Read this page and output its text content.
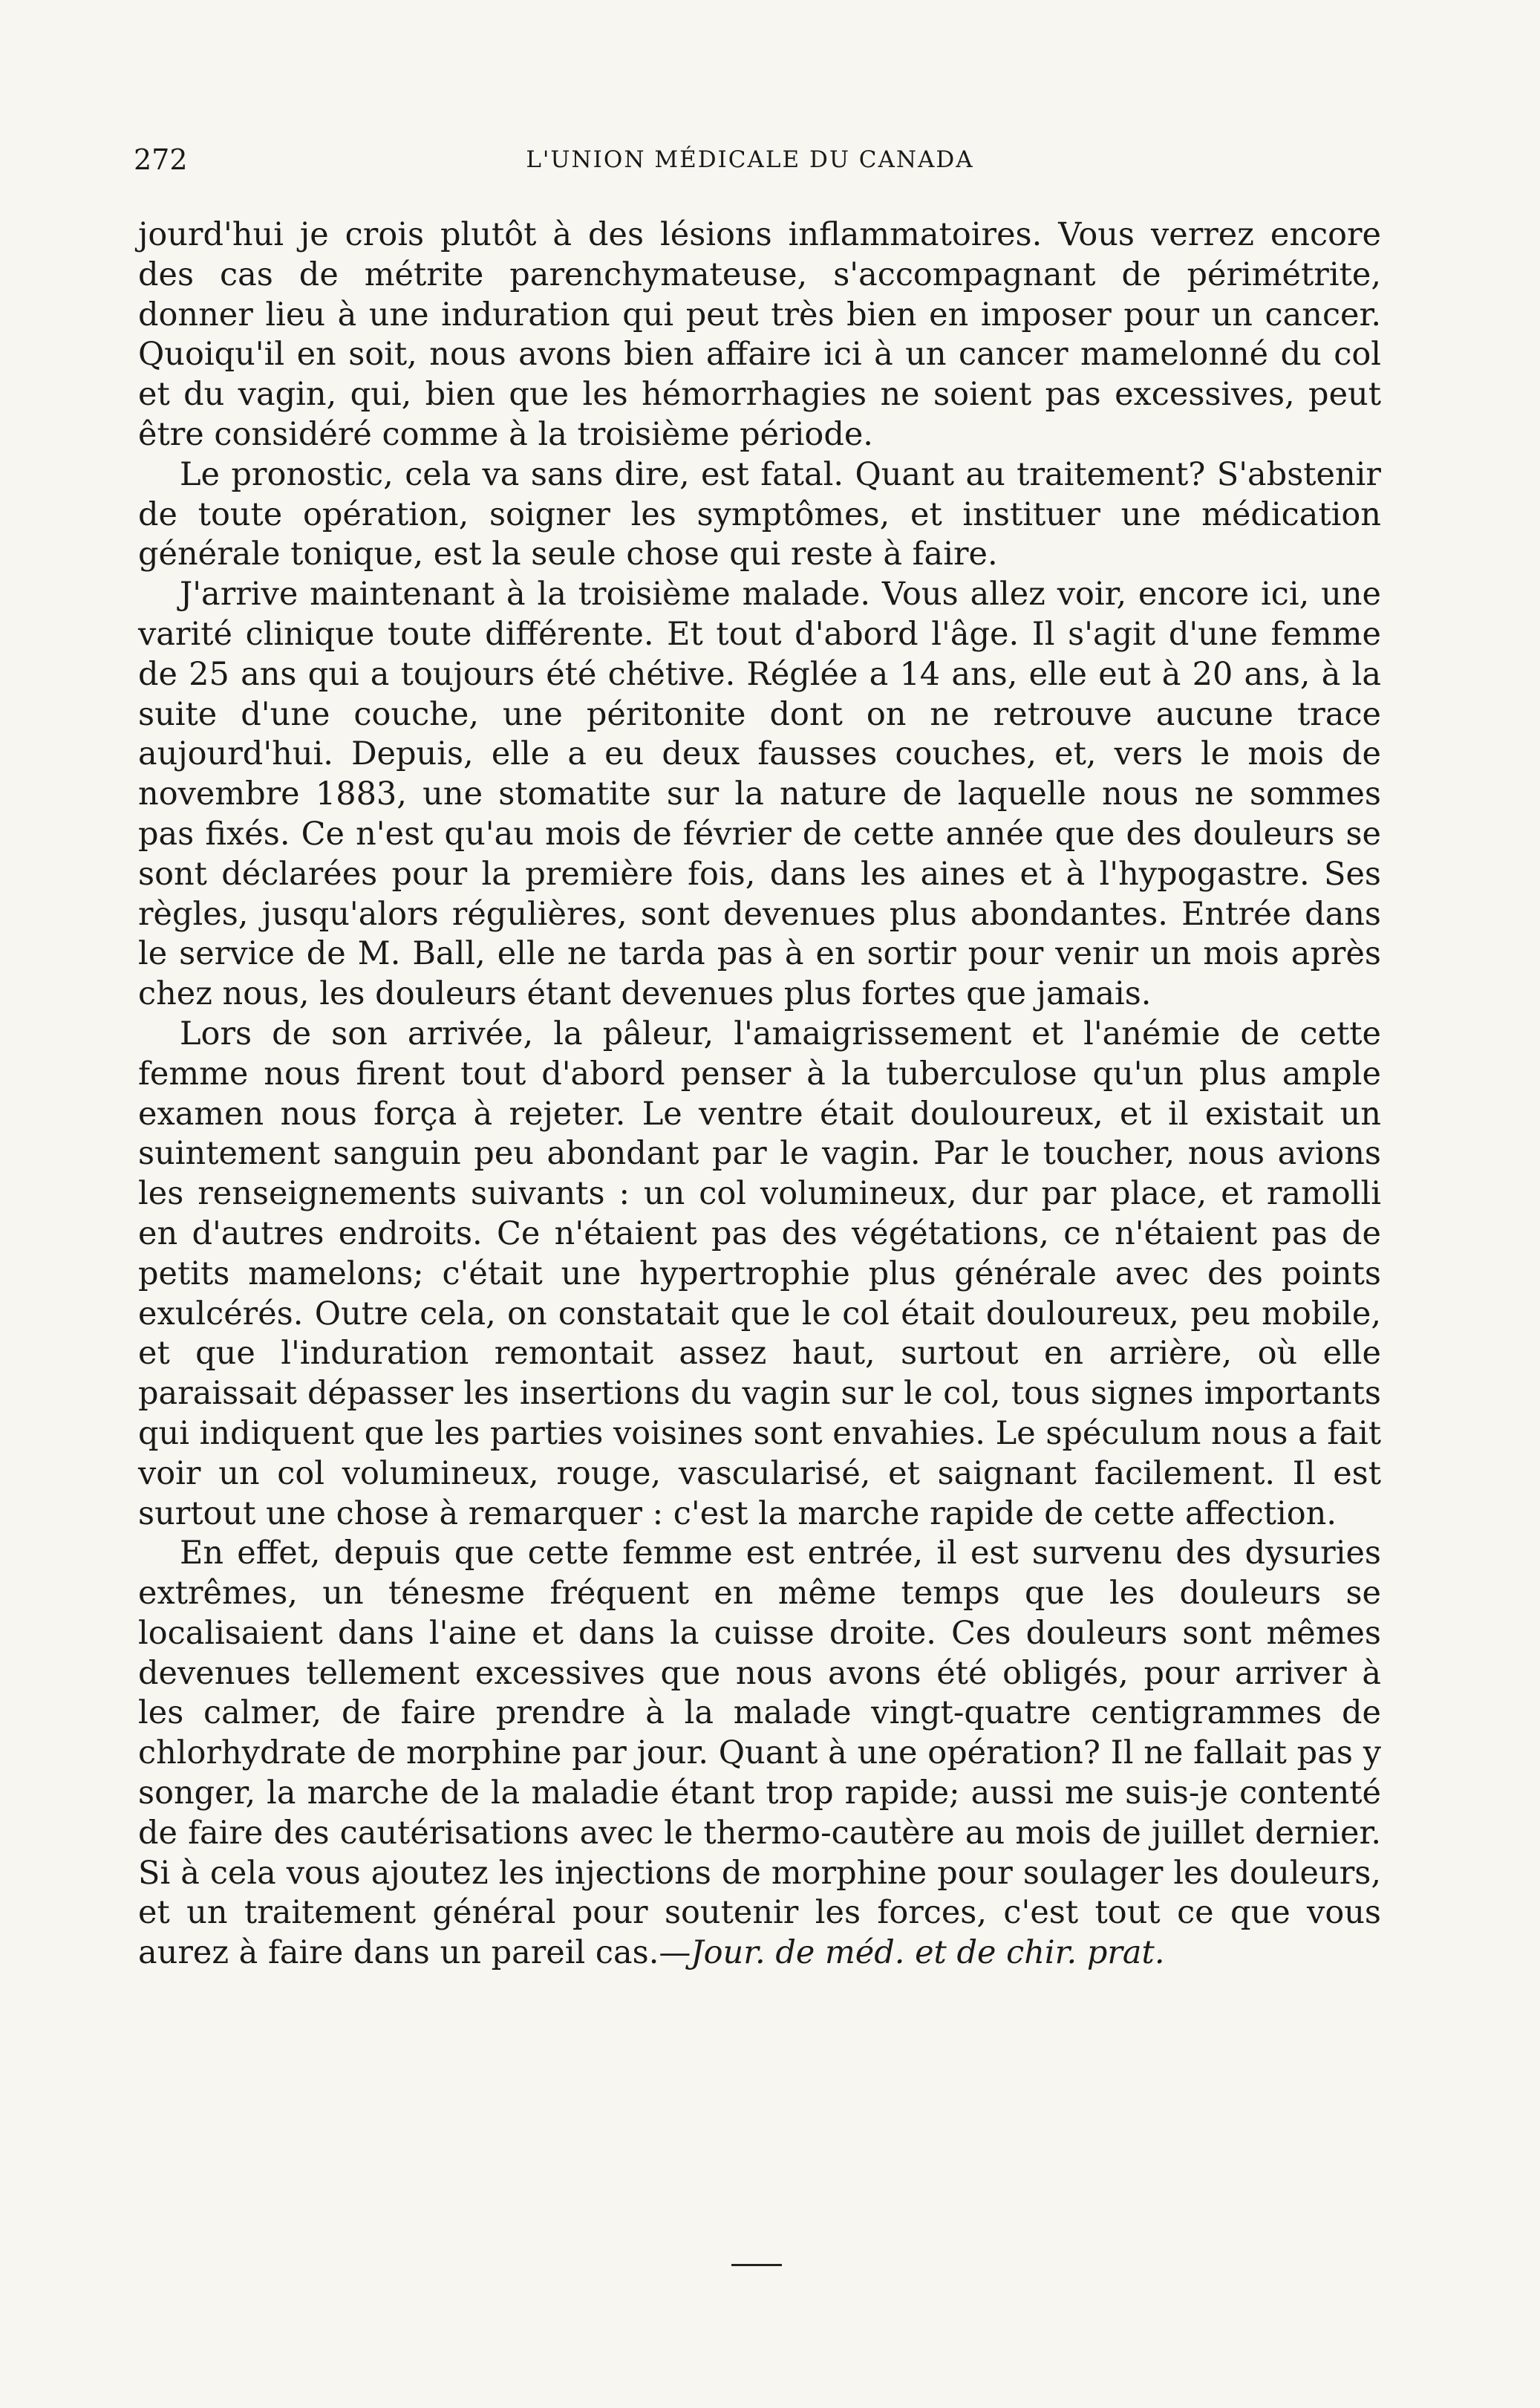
272	L'UNION MÉDICALE DU CANADA

jourd'hui je crois plutôt à des lésions inflammatoires. Vous verrez encore des cas de métrite parenchymateuse, s'accompagnant de périmétrite, donner lieu à une induration qui peut très bien en imposer pour un cancer. Quoiqu'il en soit, nous avons bien affaire ici à un cancer mamelonné du col et du vagin, qui, bien que les hémorrhagies ne soient pas excessives, peut être considéré comme à la troisième période.

Le pronostic, cela va sans dire, est fatal. Quant au traitement? S'abstenir de toute opération, soigner les symptômes, et instituer une médication générale tonique, est la seule chose qui reste à faire.

J'arrive maintenant à la troisième malade. Vous allez voir, encore ici, une varité clinique toute différente. Et tout d'abord l'âge. Il s'agit d'une femme de 25 ans qui a toujours été chétive. Réglée a 14 ans, elle eut à 20 ans, à la suite d'une couche, une péritonite dont on ne retrouve aucune trace aujourd'hui. Depuis, elle a eu deux fausses couches, et, vers le mois de novembre 1883, une stomatite sur la nature de laquelle nous ne sommes pas fixés. Ce n'est qu'au mois de février de cette année que des douleurs se sont déclarées pour la première fois, dans les aines et à l'hypogastre. Ses règles, jusqu'alors régulières, sont devenues plus abondantes. Entrée dans le service de M. Ball, elle ne tarda pas à en sortir pour venir un mois après chez nous, les douleurs étant devenues plus fortes que jamais.

Lors de son arrivée, la pâleur, l'amaigrissement et l'anémie de cette femme nous firent tout d'abord penser à la tuberculose qu'un plus ample examen nous força à rejeter. Le ventre était douloureux, et il existait un suintement sanguin peu abondant par le vagin. Par le toucher, nous avions les renseignements suivants : un col volumineux, dur par place, et ramolli en d'autres endroits. Ce n'étaient pas des végétations, ce n'étaient pas de petits mamelons; c'était une hypertrophie plus générale avec des points exulcérés. Outre cela, on constatait que le col était douloureux, peu mobile, et que l'induration remontait assez haut, surtout en arrière, où elle paraissait dépasser les insertions du vagin sur le col, tous signes importants qui indiquent que les parties voisines sont envahies. Le spéculum nous a fait voir un col volumineux, rouge, vascularisé, et saignant facilement. Il est surtout une chose à remarquer : c'est la marche rapide de cette affection.

En effet, depuis que cette femme est entrée, il est survenu des dysuries extrêmes, un ténesme fréquent en même temps que les douleurs se localisaient dans l'aine et dans la cuisse droite. Ces douleurs sont mêmes devenues tellement excessives que nous avons été obligés, pour arriver à les calmer, de faire prendre à la malade vingt-quatre centigrammes de chlorhydrate de morphine par jour. Quant à une opération? Il ne fallait pas y songer, la marche de la maladie étant trop rapide; aussi me suis-je contenté de faire des cautérisations avec le thermo-cautère au mois de juillet dernier. Si à cela vous ajoutez les injections de morphine pour soulager les douleurs, et un traitement général pour soutenir les forces, c'est tout ce que vous aurez à faire dans un pareil cas.—Jour. de méd. et de chir. prat.
